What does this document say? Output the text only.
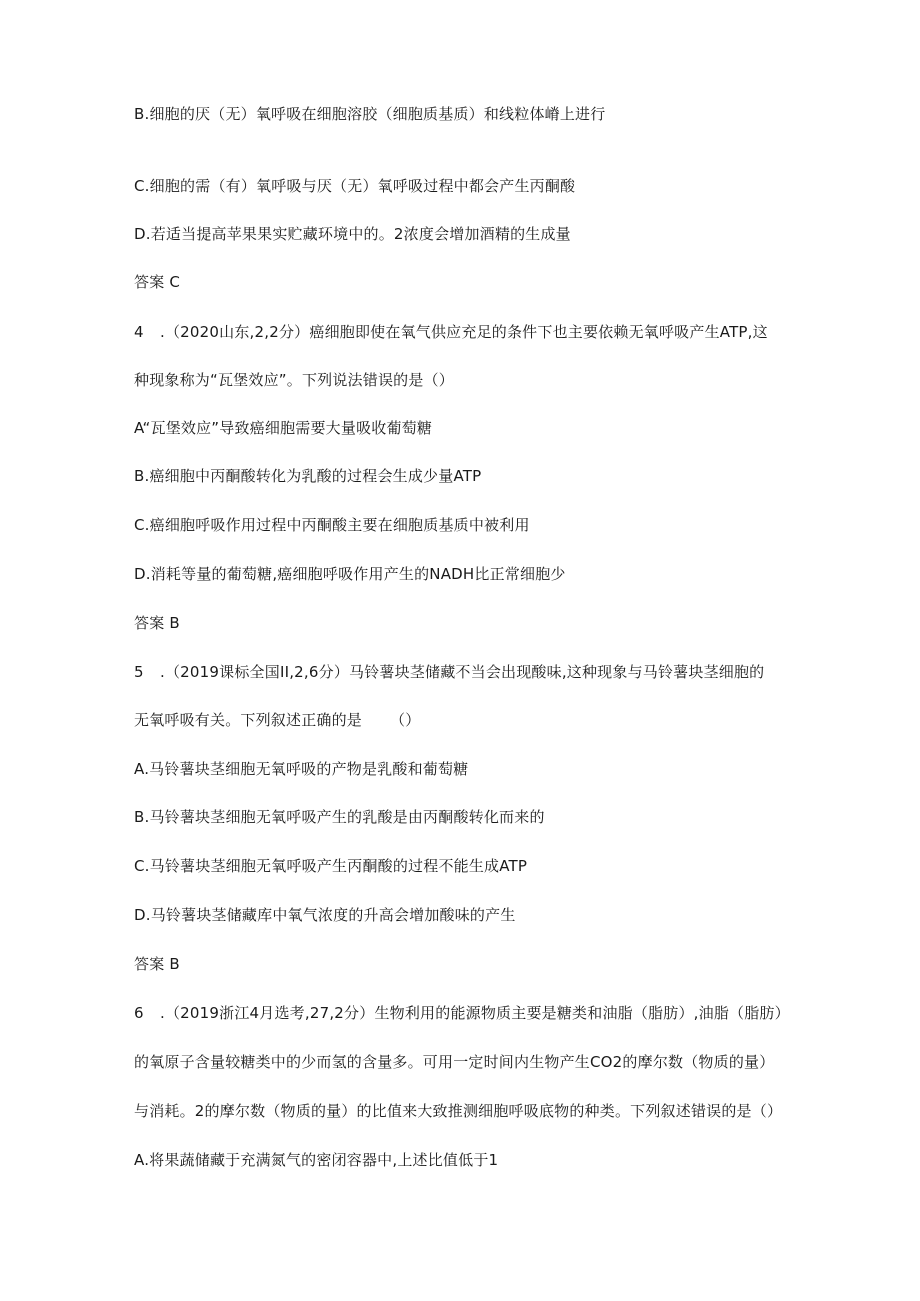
B.细胞的厌（无）氧呼吸在细胞溶胶（细胞质基质）和线粒体嵴上进行
C.细胞的需（有）氧呼吸与厌（无）氧呼吸过程中都会产生丙酮酸
D.若适当提高苹果果实贮藏环境中的。2浓度会增加酒精的生成量
答案 C
4 .（2020山东,2,2分）癌细胞即使在氧气供应充足的条件下也主要依赖无氧呼吸产生ATP,这
种现象称为“瓦堡效应”。下列说法错误的是（）
A“瓦堡效应”导致癌细胞需要大量吸收葡萄糖
B.癌细胞中丙酮酸转化为乳酸的过程会生成少量ATP
C.癌细胞呼吸作用过程中丙酮酸主要在细胞质基质中被利用
D.消耗等量的葡萄糖,癌细胞呼吸作用产生的NADH比正常细胞少
答案 B
5 .（2019课标全国II,2,6分）马铃薯块茎储藏不当会出现酸味,这种现象与马铃薯块茎细胞的
无氧呼吸有关。下列叙述正确的是 （）
A.马铃薯块茎细胞无氧呼吸的产物是乳酸和葡萄糖
B.马铃薯块茎细胞无氧呼吸产生的乳酸是由丙酮酸转化而来的
C.马铃薯块茎细胞无氧呼吸产生丙酮酸的过程不能生成ATP
D.马铃薯块茎储藏库中氧气浓度的升高会增加酸味的产生
答案 B
6 .（2019浙江4月选考,27,2分）生物利用的能源物质主要是糖类和油脂（脂肪）,油脂（脂肪）
的氧原子含量较糖类中的少而氢的含量多。可用一定时间内生物产生CO2的摩尔数（物质的量）
与消耗。2的摩尔数（物质的量）的比值来大致推测细胞呼吸底物的种类。下列叙述错误的是（）
A.将果蔬储藏于充满氮气的密闭容器中,上述比值低于1
